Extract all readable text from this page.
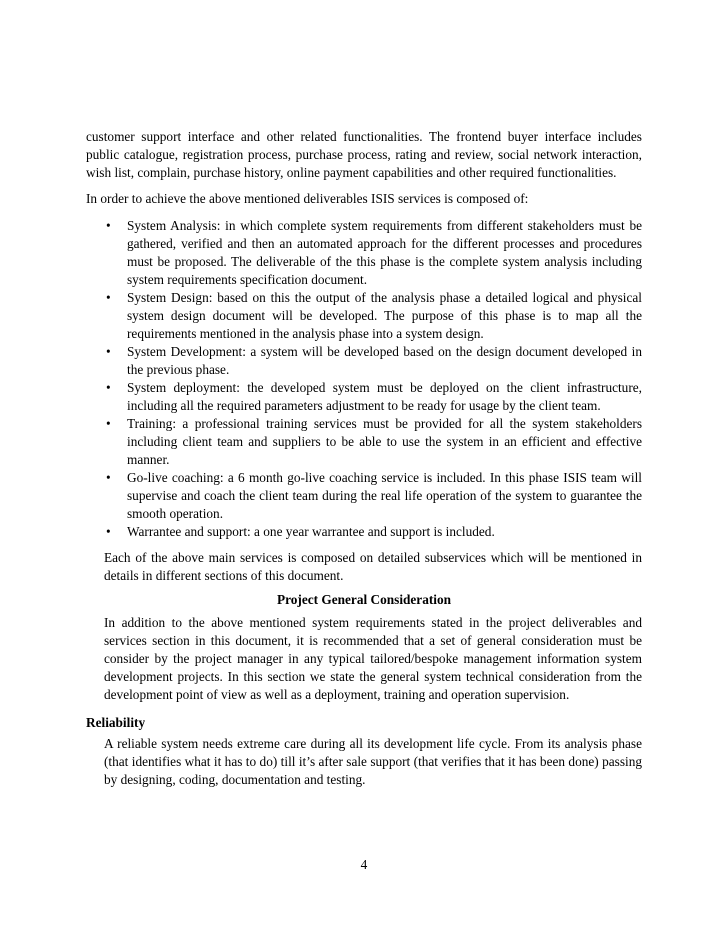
customer support interface and other related functionalities. The frontend buyer interface includes public catalogue, registration process, purchase process, rating and review, social network interaction, wish list, complain, purchase history, online payment capabilities and other required functionalities.

In order to achieve the above mentioned deliverables ISIS services is composed of:

• System Analysis: in which complete system requirements from different stakeholders must be gathered, verified and then an automated approach for the different processes and procedures must be proposed. The deliverable of the this phase is the complete system analysis including system requirements specification document.
• System Design: based on this the output of the analysis phase a detailed logical and physical system design document will be developed. The purpose of this phase is to map all the requirements mentioned in the analysis phase into a system design.
• System Development: a system will be developed based on the design document developed in the previous phase.
• System deployment: the developed system must be deployed on the client infrastructure, including all the required parameters adjustment to be ready for usage by the client team.
• Training: a professional training services must be provided for all the system stakeholders including client team and suppliers to be able to use the system in an efficient and effective manner.
• Go-live coaching: a 6 month go-live coaching service is included. In this phase ISIS team will supervise and coach the client team during the real life operation of the system to guarantee the smooth operation.
• Warrantee and support: a one year warrantee and support is included.

Each of the above main services is composed on detailed subservices which will be mentioned in details in different sections of this document.

Project General Consideration

In addition to the above mentioned system requirements stated in the project deliverables and services section in this document, it is recommended that a set of general consideration must be consider by the project manager in any typical tailored/bespoke management information system development projects. In this section we state the general system technical consideration from the development point of view as well as a deployment, training and operation supervision.

Reliability

A reliable system needs extreme care during all its development life cycle. From its analysis phase (that identifies what it has to do) till it’s after sale support (that verifies that it has been done) passing by designing, coding, documentation and testing.

4
